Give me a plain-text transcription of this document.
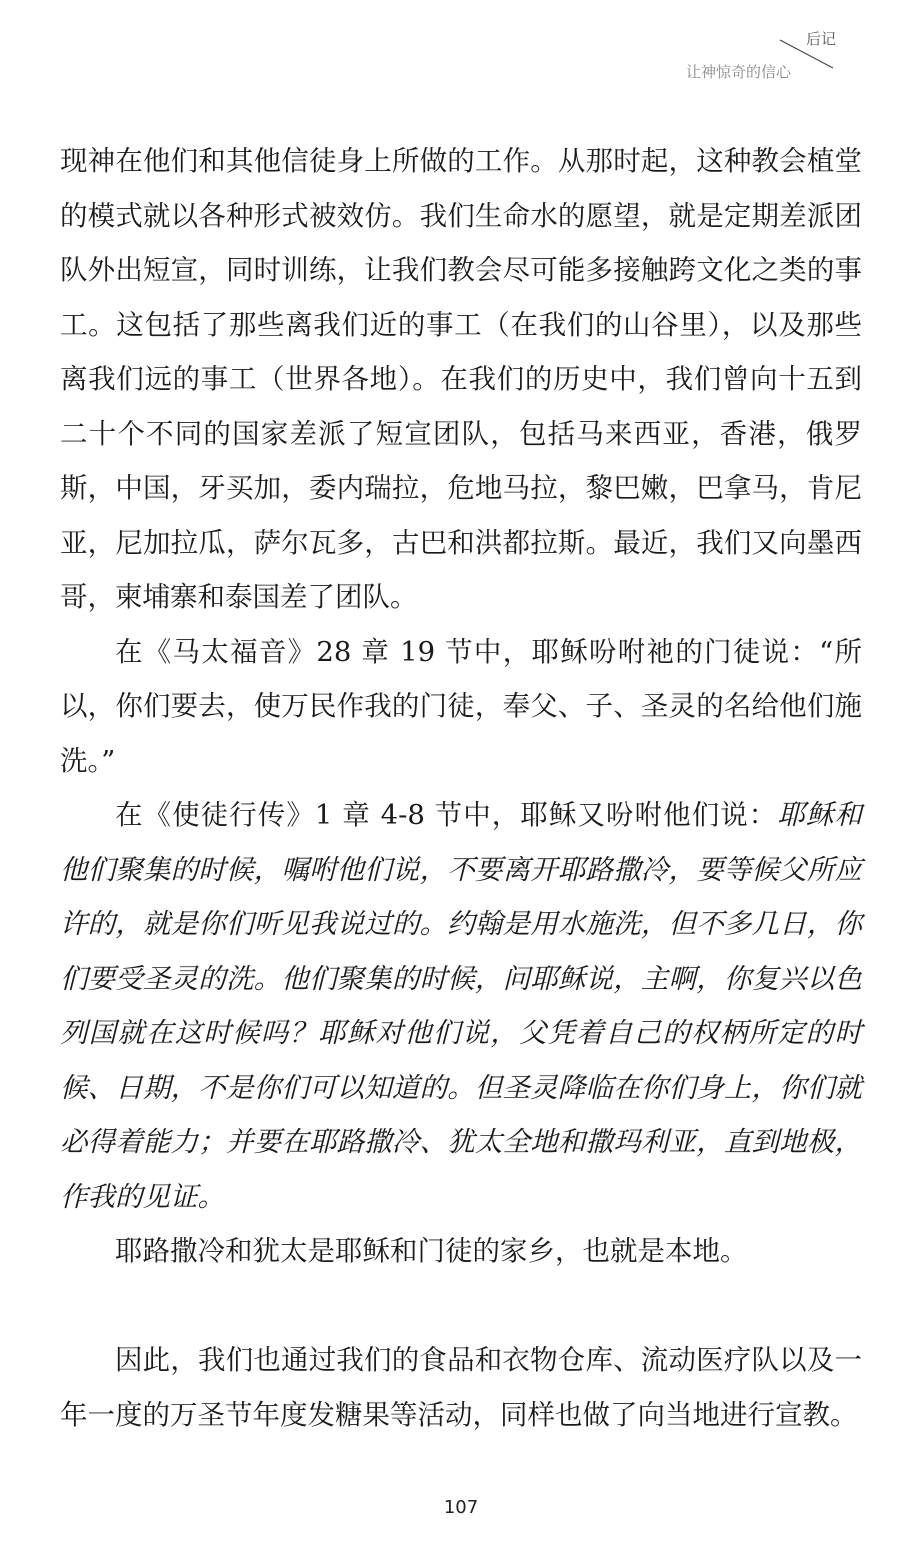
后记
让神惊奇的信心

现神在他们和其他信徒身上所做的工作。从那时起，这种教会植堂的模式就以各种形式被效仿。我们生命水的愿望，就是定期差派团队外出短宣，同时训练，让我们教会尽可能多接触跨文化之类的事工。这包括了那些离我们近的事工（在我们的山谷里），以及那些离我们远的事工（世界各地）。在我们的历史中，我们曾向十五到二十个不同的国家差派了短宣团队，包括马来西亚，香港，俄罗斯，中国，牙买加，委内瑞拉，危地马拉，黎巴嫩，巴拿马，肯尼亚，尼加拉瓜，萨尔瓦多，古巴和洪都拉斯。最近，我们又向墨西哥，柬埔寨和泰国差了团队。

在《马太福音》28 章 19 节中，耶稣吩咐祂的门徒说：“所以，你们要去，使万民作我的门徒，奉父、子、圣灵的名给他们施洗。”

在《使徒行传》1 章 4-8 节中，耶稣又吩咐他们说：耶稣和他们聚集的时候，嘱咐他们说，不要离开耶路撒冷，要等候父所应许的，就是你们听见我说过的。约翰是用水施洗，但不多几日，你们要受圣灵的洗。他们聚集的时候，问耶稣说，主啊，你复兴以色列国就在这时候吗？耶稣对他们说，父凭着自己的权柄所定的时候、日期，不是你们可以知道的。但圣灵降临在你们身上，你们就必得着能力；并要在耶路撒冷、犹太全地和撒玛利亚，直到地极，作我的见证。

耶路撒冷和犹太是耶稣和门徒的家乡，也就是本地。

因此，我们也通过我们的食品和衣物仓库、流动医疗队以及一年一度的万圣节年度发糖果等活动，同样也做了向当地进行宣教。

107
